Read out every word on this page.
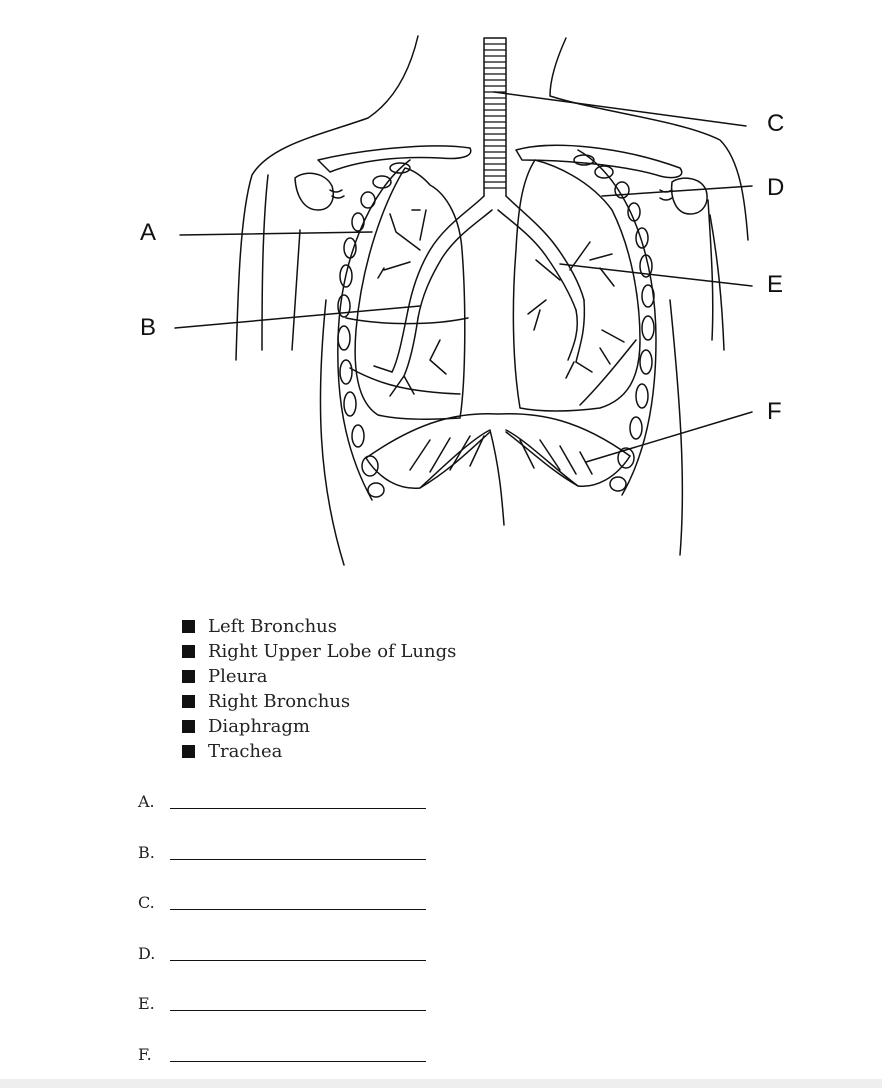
A
B
C
D
E
F
Left Bronchus
Right Upper Lobe of Lungs
Pleura
Right Bronchus
Diaphragm
Trachea
A.
B.
C.
D.
E.
F.
